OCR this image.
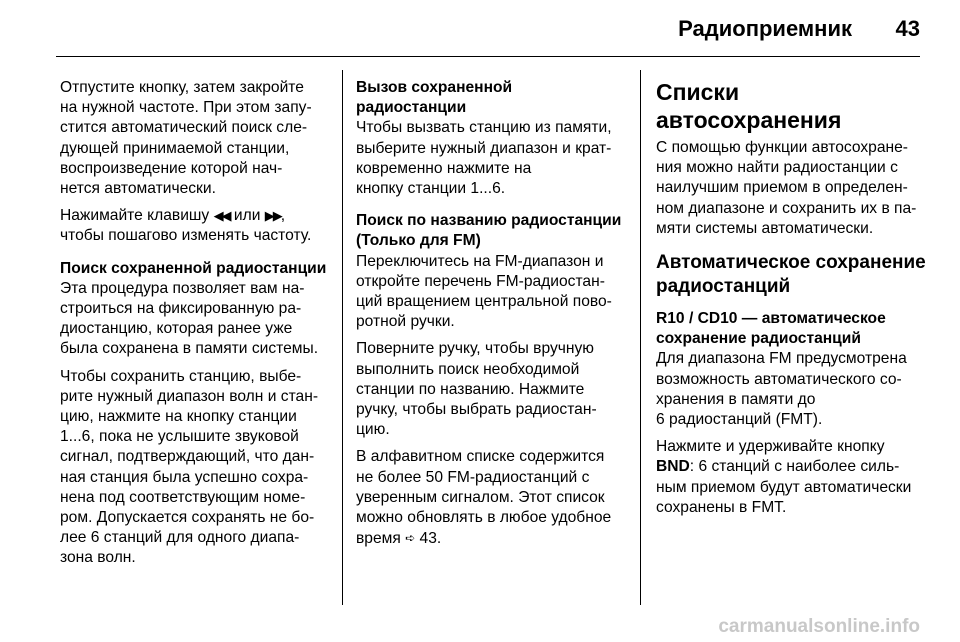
Радиоприемник 43
Отпустите кнопку, затем закройте
на нужной частоте. При этом запу-
стится автоматический поиск сле-
дующей принимаемой станции,
воспроизведение которой нач-
нется автоматически.
Нажимайте клавишу ◀◀ или ▶▶,
чтобы пошагово изменять частоту.
Поиск сохраненной радиостанции
Эта процедура позволяет вам на-
строиться на фиксированную ра-
диостанцию, которая ранее уже
была сохранена в памяти системы.
Чтобы сохранить станцию, выбе-
рите нужный диапазон волн и стан-
цию, нажмите на кнопку станции
1...6, пока не услышите звуковой
сигнал, подтверждающий, что дан-
ная станция была успешно сохра-
нена под соответствующим номе-
ром. Допускается сохранять не бо-
лее 6 станций для одного диапа-
зона волн.
Вызов сохраненной радиостанции
Чтобы вызвать станцию из памяти,
выберите нужный диапазон и крат-
ковременно нажмите на
кнопку станции 1...6.
Поиск по названию радиостанции
(Только для FM)
Переключитесь на FM-диапазон и
откройте перечень FM-радиостан-
ций вращением центральной пово-
ротной ручки.
Поверните ручку, чтобы вручную
выполнить поиск необходимой
станции по названию. Нажмите
ручку, чтобы выбрать радиостан-
цию.
В алфавитном списке содержится
не более 50 FM-радиостанций с
уверенным сигналом. Этот список
можно обновлять в любое удобное
время ➪ 43.
Списки автосохранения
С помощью функции автосохране-
ния можно найти радиостанции с
наилучшим приемом в определен-
ном диапазоне и сохранить их в па-
мяти системы автоматически.
Автоматическое сохранение
радиостанций
R10 / CD10 — автоматическое
сохранение радиостанций
Для диапазона FM предусмотрена
возможность автоматического со-
хранения в памяти до
6 радиостанций (FMT).
Нажмите и удерживайте кнопку
BND: 6 станций с наиболее силь-
ным приемом будут автоматически
сохранены в FMT.
carmanualsonline.info
